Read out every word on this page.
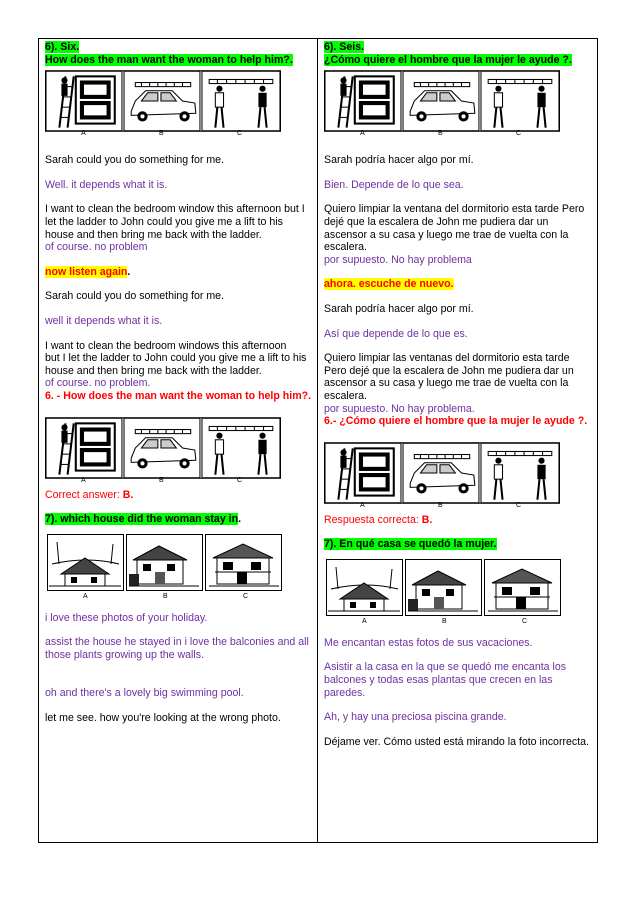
6). Six.

How does the man want the woman to help him?.

A	B	C

Sarah could you do something for me.

Well. it depends what it is.

I want to clean the bedroom window this afternoon but I let the ladder to John could you give me a lift to his house and then bring me back with the ladder.

of course. no problem

now listen again.

Sarah could you do something for me.

well it depends what it is.

I want to clean the bedroom windows this afternoon

but I let the ladder to John could you give me a lift to his house and then bring me back with the ladder.

of course. no problem.

6. - How does the man want the woman to help him?.

A	B	C

Correct answer: B.

7). which house did the woman stay in.

A	B	C

i love these photos of your holiday.

assist the house he stayed in i love the balconies and all those plants growing up the walls.

oh and there's a lovely big swimming pool.

let me see. how you're looking at the wrong photo.

6). Seis.

¿Cómo quiere el hombre que la mujer le ayude ?.

A	B	C

Sarah podría hacer algo por mí.

Bien. Depende de lo que sea.

Quiero limpiar la ventana del dormitorio esta tarde Pero dejé que la escalera de John me pudiera dar un ascensor a su casa y luego me trae de vuelta con la escalera.

por supuesto. No hay problema

ahora. escuche de nuevo.

Sarah podría hacer algo por mí.

Así que depende de lo que es.

Quiero limpiar las ventanas del dormitorio esta tarde

Pero dejé que la escalera de John me pudiera dar un ascensor a su casa y luego me trae de vuelta con la escalera.

por supuesto. No hay problema.

6.- ¿Cómo quiere el hombre que la mujer le ayude ?.

A	B	C

Respuesta correcta: B.

7). En qué casa se quedó la mujer.

A	B	C

Me encantan estas fotos de sus vacaciones.

Asistir a la casa en la que se quedó me encanta los balcones y todas esas plantas que crecen en las paredes.

Ah, y hay una preciosa piscina grande.

Déjame ver. Cómo usted está mirando la foto incorrecta.
